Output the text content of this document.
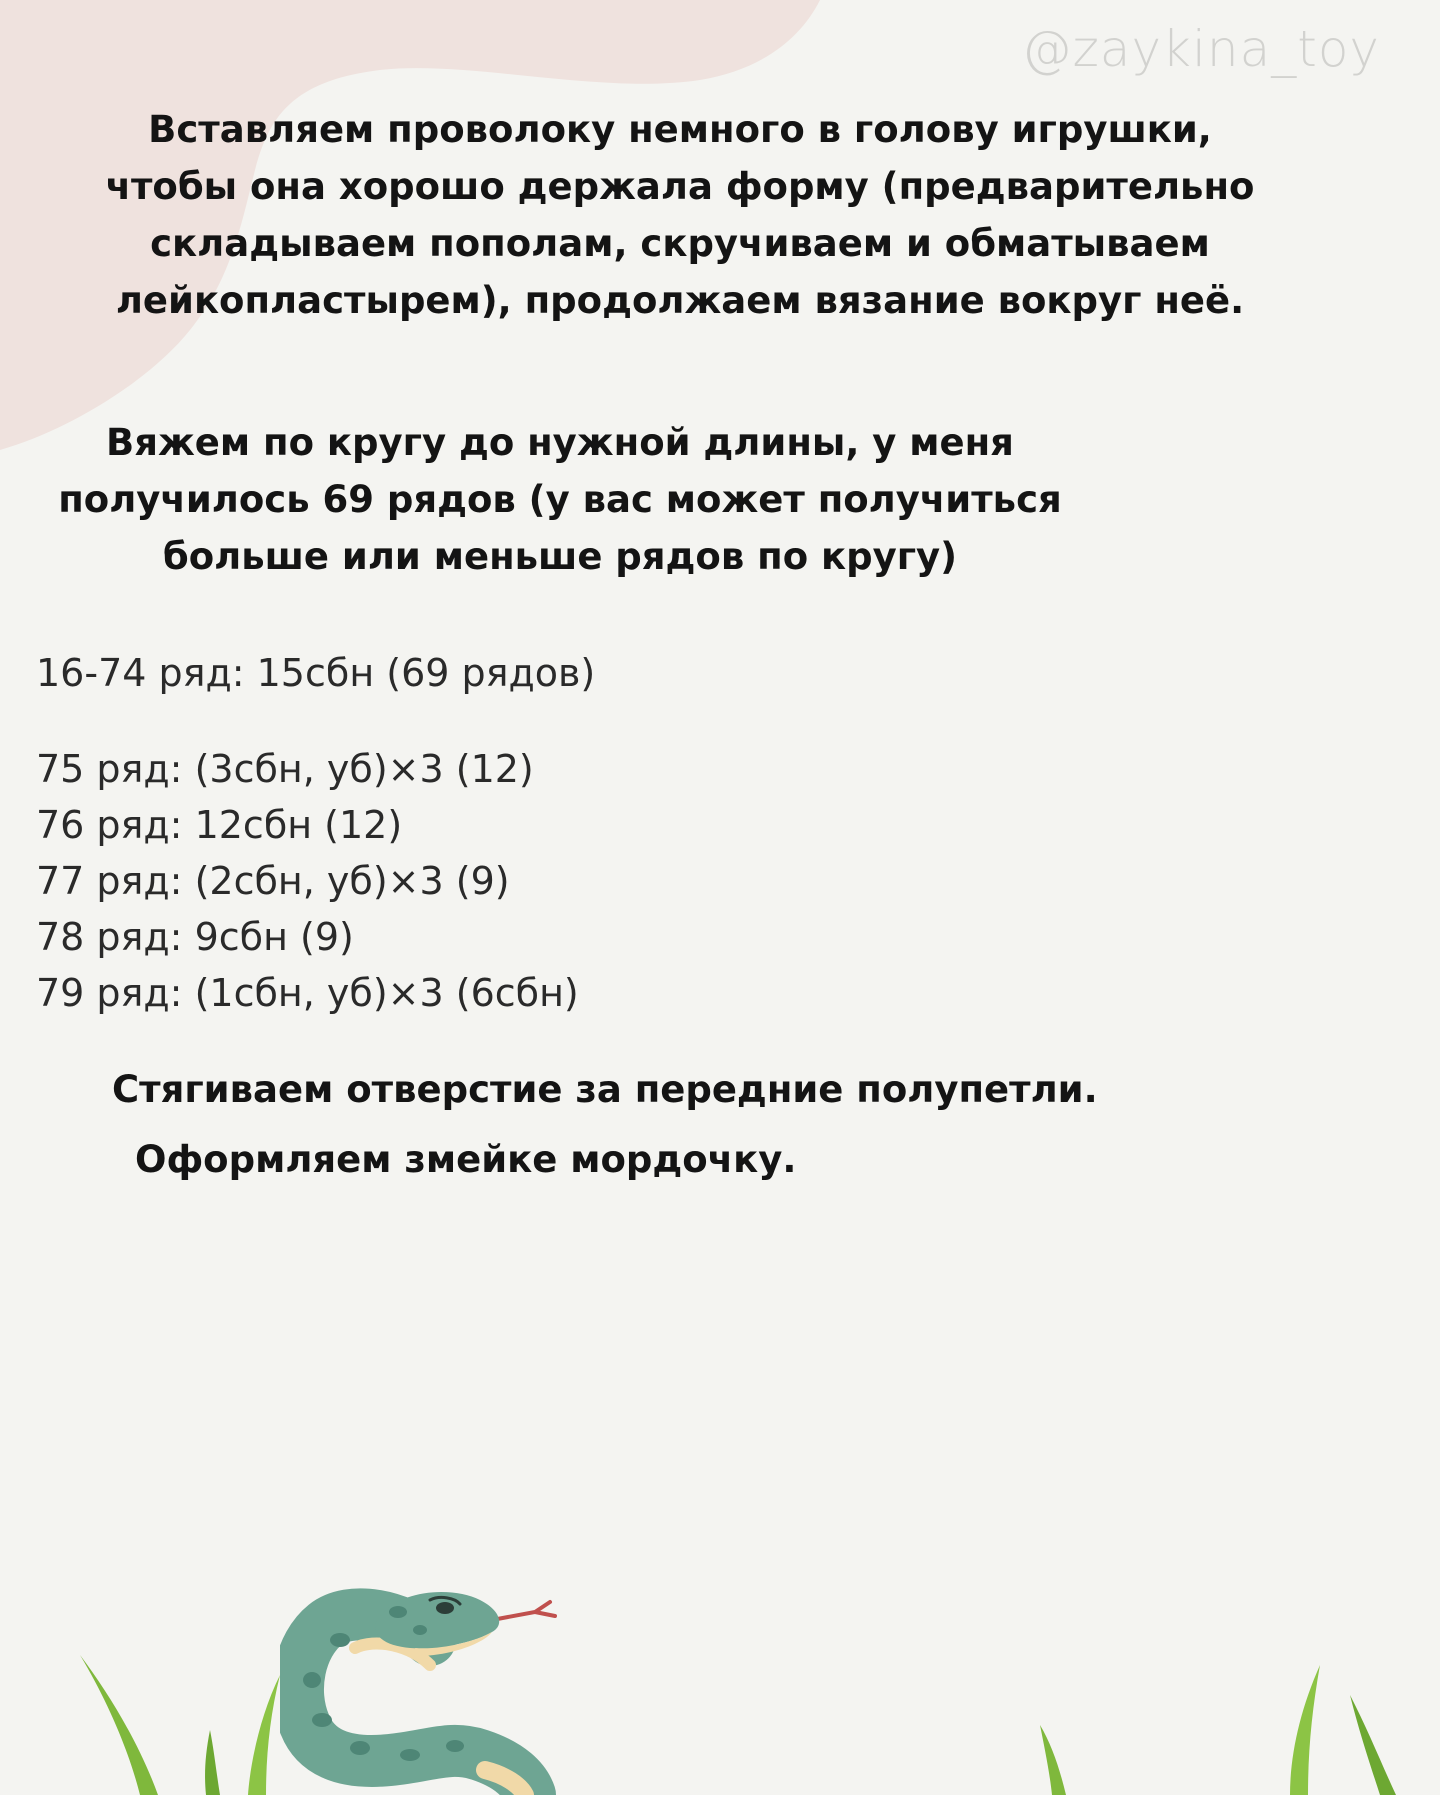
@zaykina_toy
Вставляем проволоку немного в голову игрушки,
чтобы она хорошо держала форму (предварительно
складываем пополам, скручиваем и обматываем
лейкопластырем), продолжаем вязание вокруг неё.
Вяжем по кругу до нужной длины, у меня
получилось 69 рядов (у вас может получиться
больше или меньше рядов по кругу)
16-74 ряд: 15сбн (69 рядов)
75 ряд: (3сбн, уб)×3 (12)
76 ряд: 12сбн (12)
77 ряд: (2сбн, уб)×3 (9)
78 ряд: 9сбн (9)
79 ряд: (1сбн, уб)×3 (6сбн)

Стягиваем отверстие за передние полупетли.

Оформляем змейке мордочку.
